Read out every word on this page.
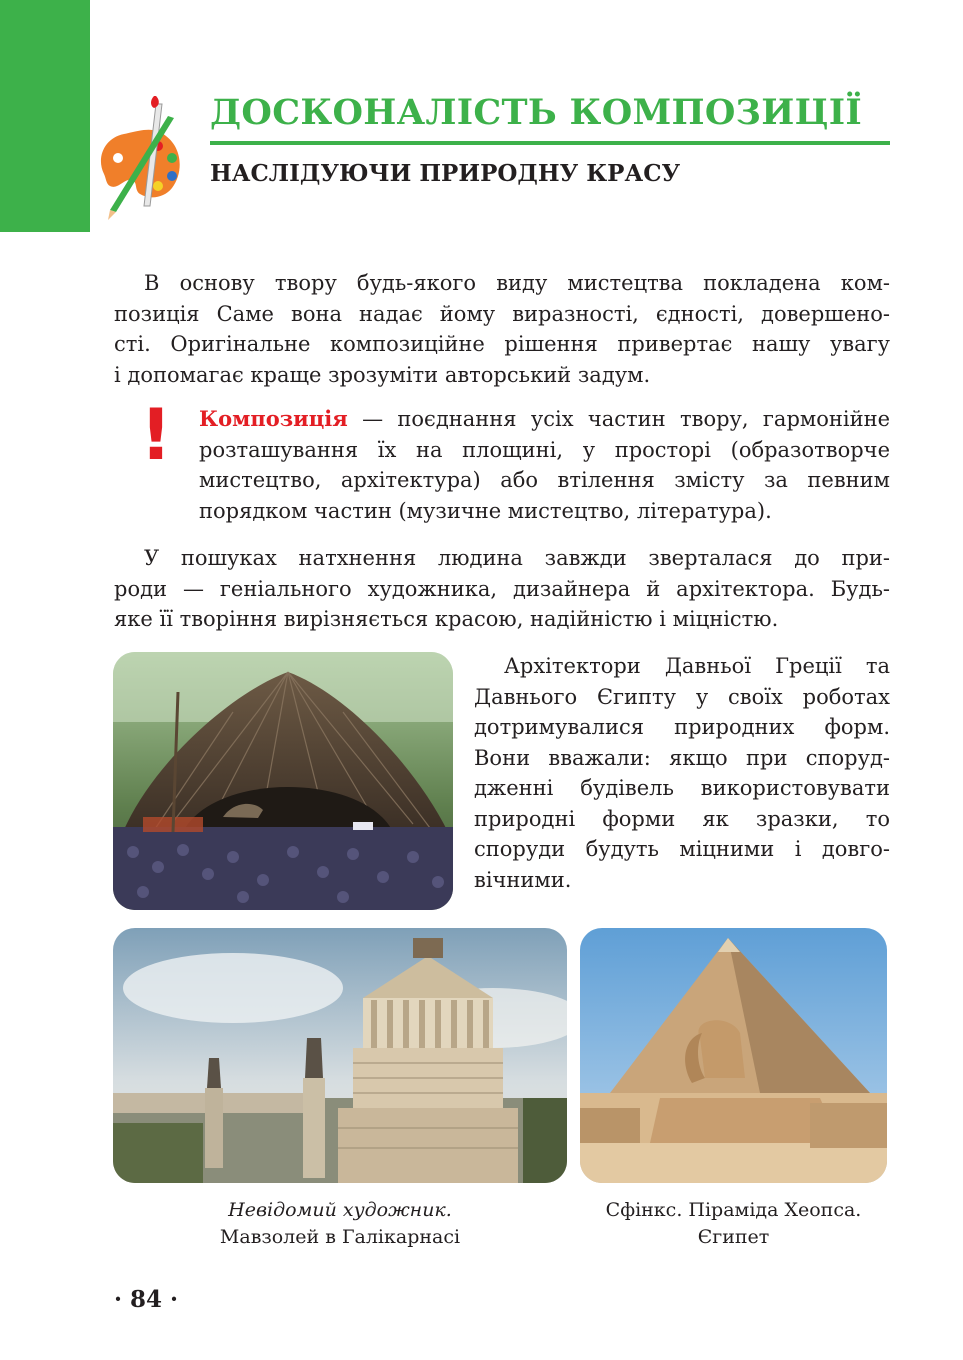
ДОСКОНАЛІСТЬ КОМПОЗИЦІЇ
НАСЛІДУЮЧИ ПРИРОДНУ КРАСУ
В основу твору будь-якого виду мистецтва покладена ком-
позиція Саме вона надає йому виразності, єдності, довершено-
сті. Оригінальне композиційне рішення привертає нашу увагу
і допомагає краще зрозуміти авторський задум.
! Композиція — поєднання усіх частин твору, гармонійне
розташування їх на площині, у просторі (образотворче
мистецтво, архітектура) або втілення змісту за певним
порядком частин (музичне мистецтво, література).
У пошуках натхнення людина завжди зверталася до при-
роди — геніального художника, дизайнера й архітектора. Будь-
яке її творіння вирізняється красою, надійністю і міцністю.
Архітектори Давньої Греції та
Давнього Єгипту у своїх роботах
дотримувалися природних форм.
Вони вважали: якщо при споруд-
дженні будівель використовувати
природні форми як зразки, то
споруди будуть міцними і довго-
вічними.
Невідомий художник.
Мавзолей в Галікарнасі
Сфінкс. Піраміда Хеопса.
Єгипет
· 84 ·
